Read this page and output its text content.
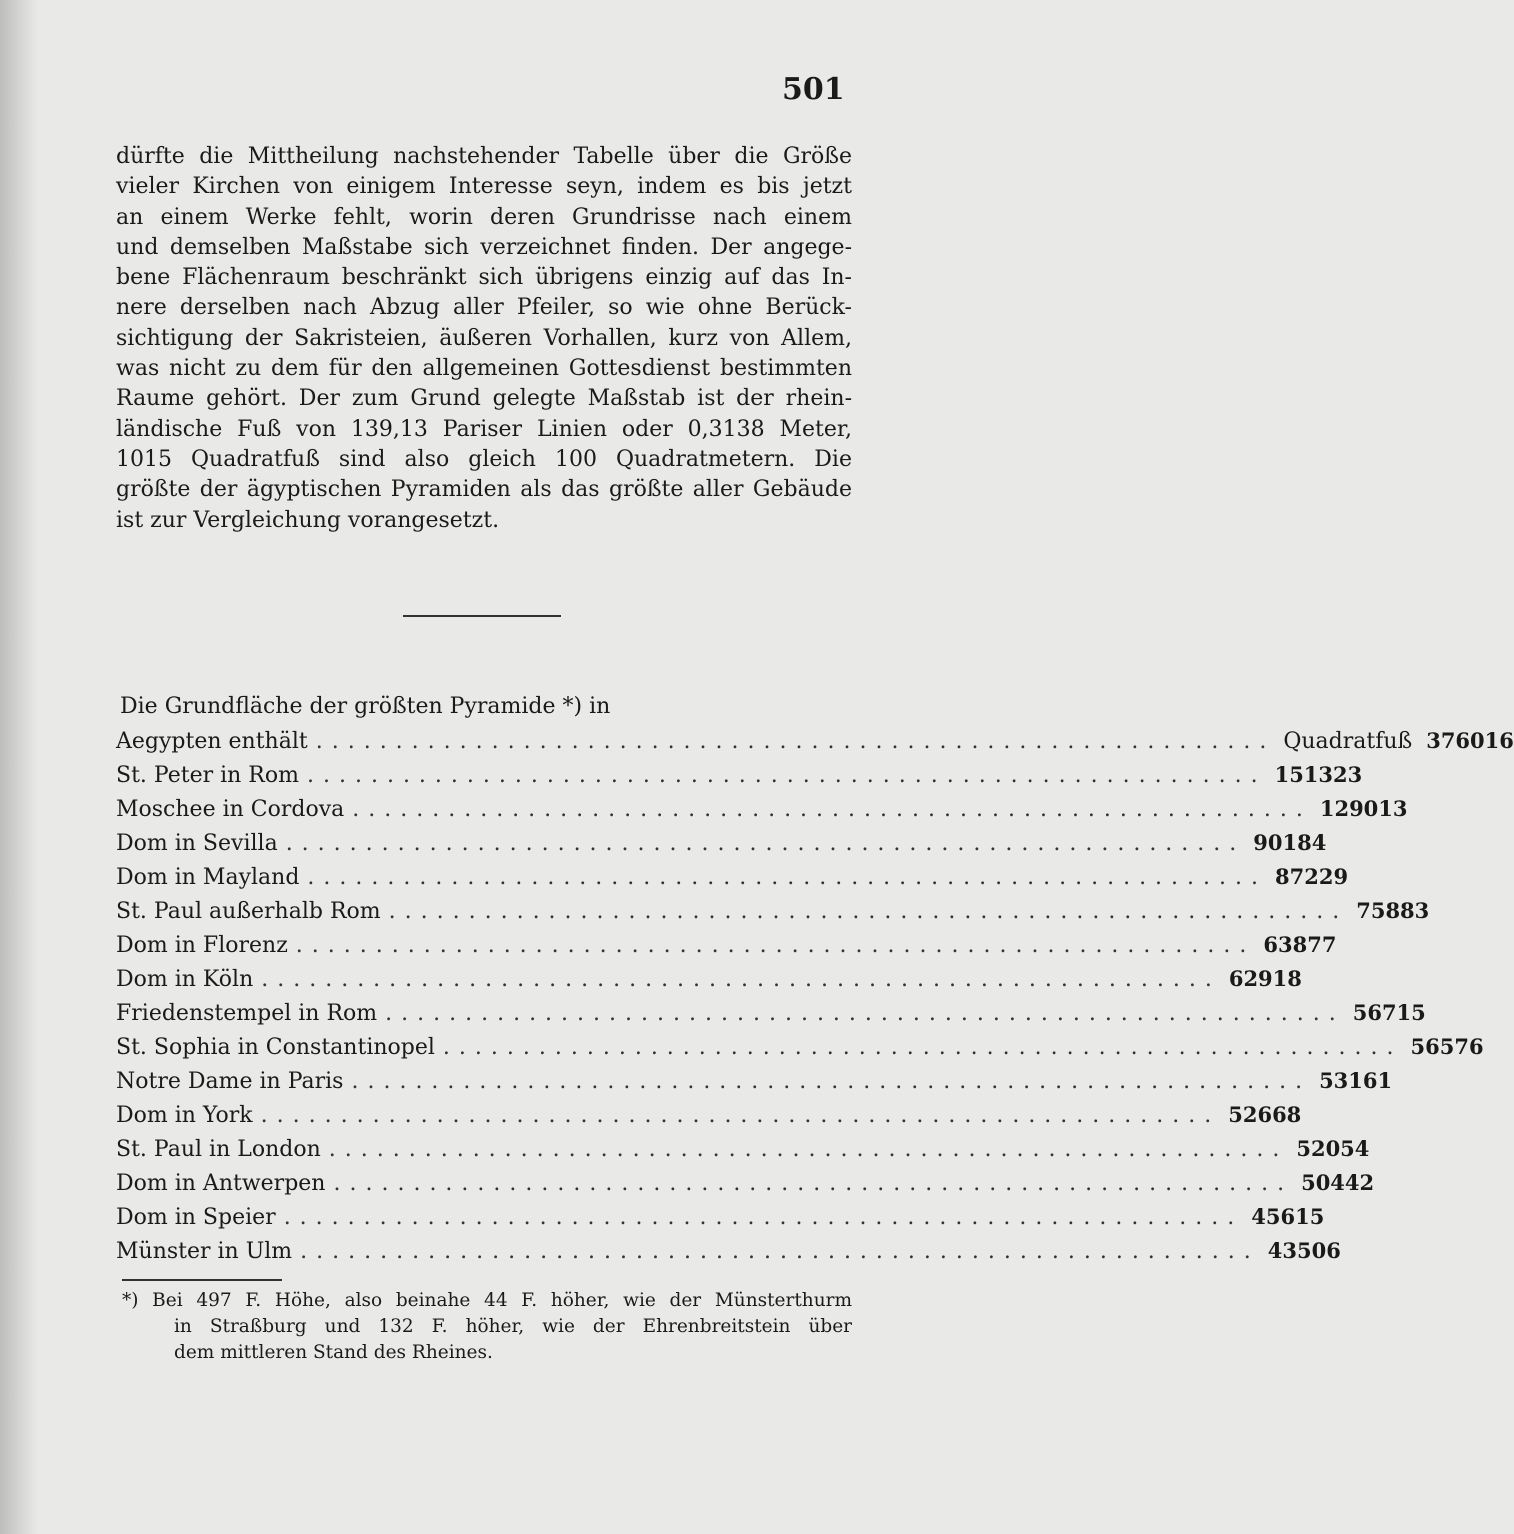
501
dürfte die Mittheilung nachstehender Tabelle über die Größe
vieler Kirchen von einigem Interesse seyn, indem es bis jetzt
an einem Werke fehlt, worin deren Grundrisse nach einem
und demselben Maßstabe sich verzeichnet finden. Der angege-
bene Flächenraum beschränkt sich übrigens einzig auf das In-
nere derselben nach Abzug aller Pfeiler, so wie ohne Berück-
sichtigung der Sakristeien, äußeren Vorhallen, kurz von Allem,
was nicht zu dem für den allgemeinen Gottesdienst bestimmten
Raume gehört. Der zum Grund gelegte Maßstab ist der rhein-
ländische Fuß von 139,13 Pariser Linien oder 0,3138 Meter,
1015 Quadratfuß sind also gleich 100 Quadratmetern. Die
größte der ägyptischen Pyramiden als das größte aller Gebäude
ist zur Vergleichung vorangesetzt.
Die Grundfläche der größten Pyramide *) in
Aegypten enthält ............................................................ Quadratfuß 376016
St. Peter in Rom ............................................................ 151323
Moschee in Cordova ............................................................ 129013
Dom in Sevilla ............................................................ 90184
Dom in Mayland ............................................................ 87229
St. Paul außerhalb Rom ............................................................ 75883
Dom in Florenz ............................................................ 63877
Dom in Köln ............................................................ 62918
Friedenstempel in Rom ............................................................ 56715
St. Sophia in Constantinopel ............................................................ 56576
Notre Dame in Paris ............................................................ 53161
Dom in York ............................................................ 52668
St. Paul in London ............................................................ 52054
Dom in Antwerpen ............................................................ 50442
Dom in Speier ............................................................ 45615
Münster in Ulm ............................................................ 43506
*) Bei 497 F. Höhe, also beinahe 44 F. höher, wie der Münsterthurm
in Straßburg und 132 F. höher, wie der Ehrenbreitstein über
dem mittleren Stand des Rheines.
